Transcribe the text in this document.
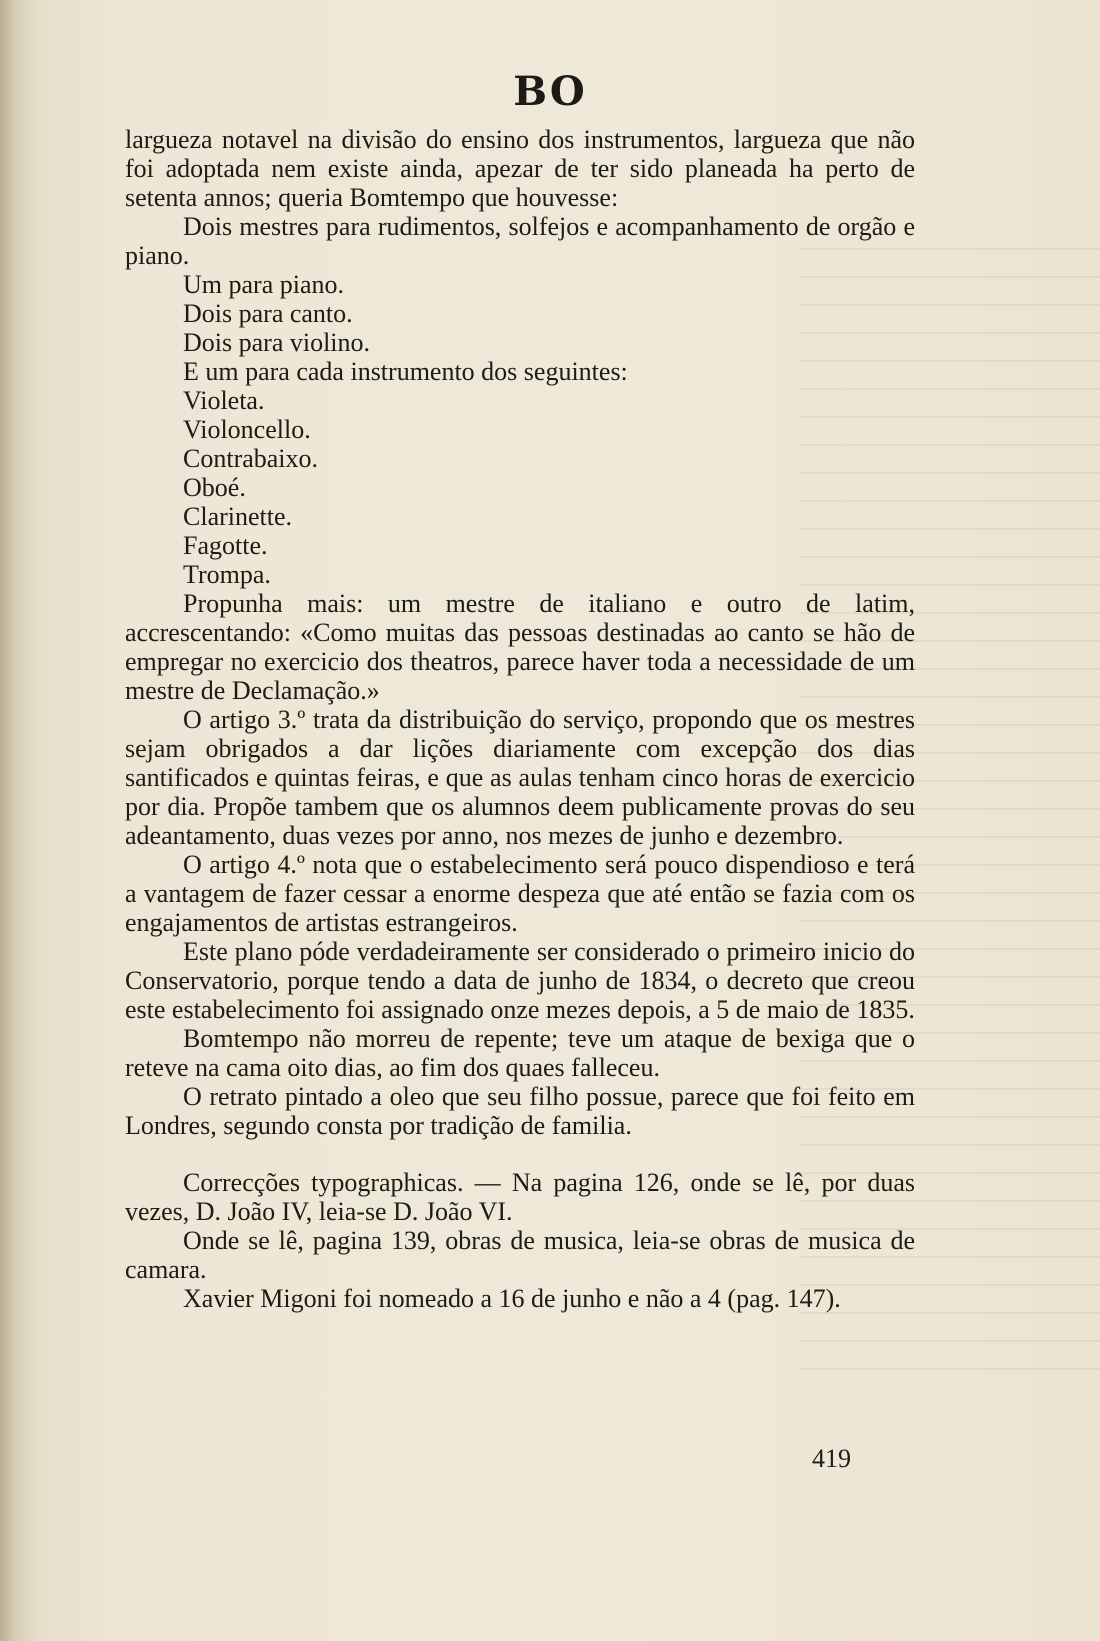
BO

largueza notavel na divisão do ensino dos instrumentos, largueza que não foi adoptada nem existe ainda, apezar de ter sido planeada ha perto de setenta annos; queria Bomtempo que houvesse:

Dois mestres para rudimentos, solfejos e acompanhamento de orgão e piano.

Um para piano.

Dois para canto.

Dois para violino.

E um para cada instrumento dos seguintes:

Violeta.

Violoncello.

Contrabaixo.

Oboé.

Clarinette.

Fagotte.

Trompa.

Propunha mais: um mestre de italiano e outro de latim, accrescentando: «Como muitas das pessoas destinadas ao canto se hão de empregar no exercicio dos theatros, parece haver toda a necessidade de um mestre de Declamação.»

O artigo 3.º trata da distribuição do serviço, propondo que os mestres sejam obrigados a dar lições diariamente com excepção dos dias santificados e quintas feiras, e que as aulas tenham cinco horas de exercicio por dia. Propõe tambem que os alumnos deem publicamente provas do seu adeantamento, duas vezes por anno, nos mezes de junho e dezembro.

O artigo 4.º nota que o estabelecimento será pouco dispendioso e terá a vantagem de fazer cessar a enorme despeza que até então se fazia com os engajamentos de artistas estrangeiros.

Este plano póde verdadeiramente ser considerado o primeiro inicio do Conservatorio, porque tendo a data de junho de 1834, o decreto que creou este estabelecimento foi assignado onze mezes depois, a 5 de maio de 1835.

Bomtempo não morreu de repente; teve um ataque de bexiga que o reteve na cama oito dias, ao fim dos quaes falleceu.

O retrato pintado a oleo que seu filho possue, parece que foi feito em Londres, segundo consta por tradição de familia.

Correcções typographicas. — Na pagina 126, onde se lê, por duas vezes, D. João IV, leia-se D. João VI.

Onde se lê, pagina 139, obras de musica, leia-se obras de musica de camara.

Xavier Migoni foi nomeado a 16 de junho e não a 4 (pag. 147).

419
